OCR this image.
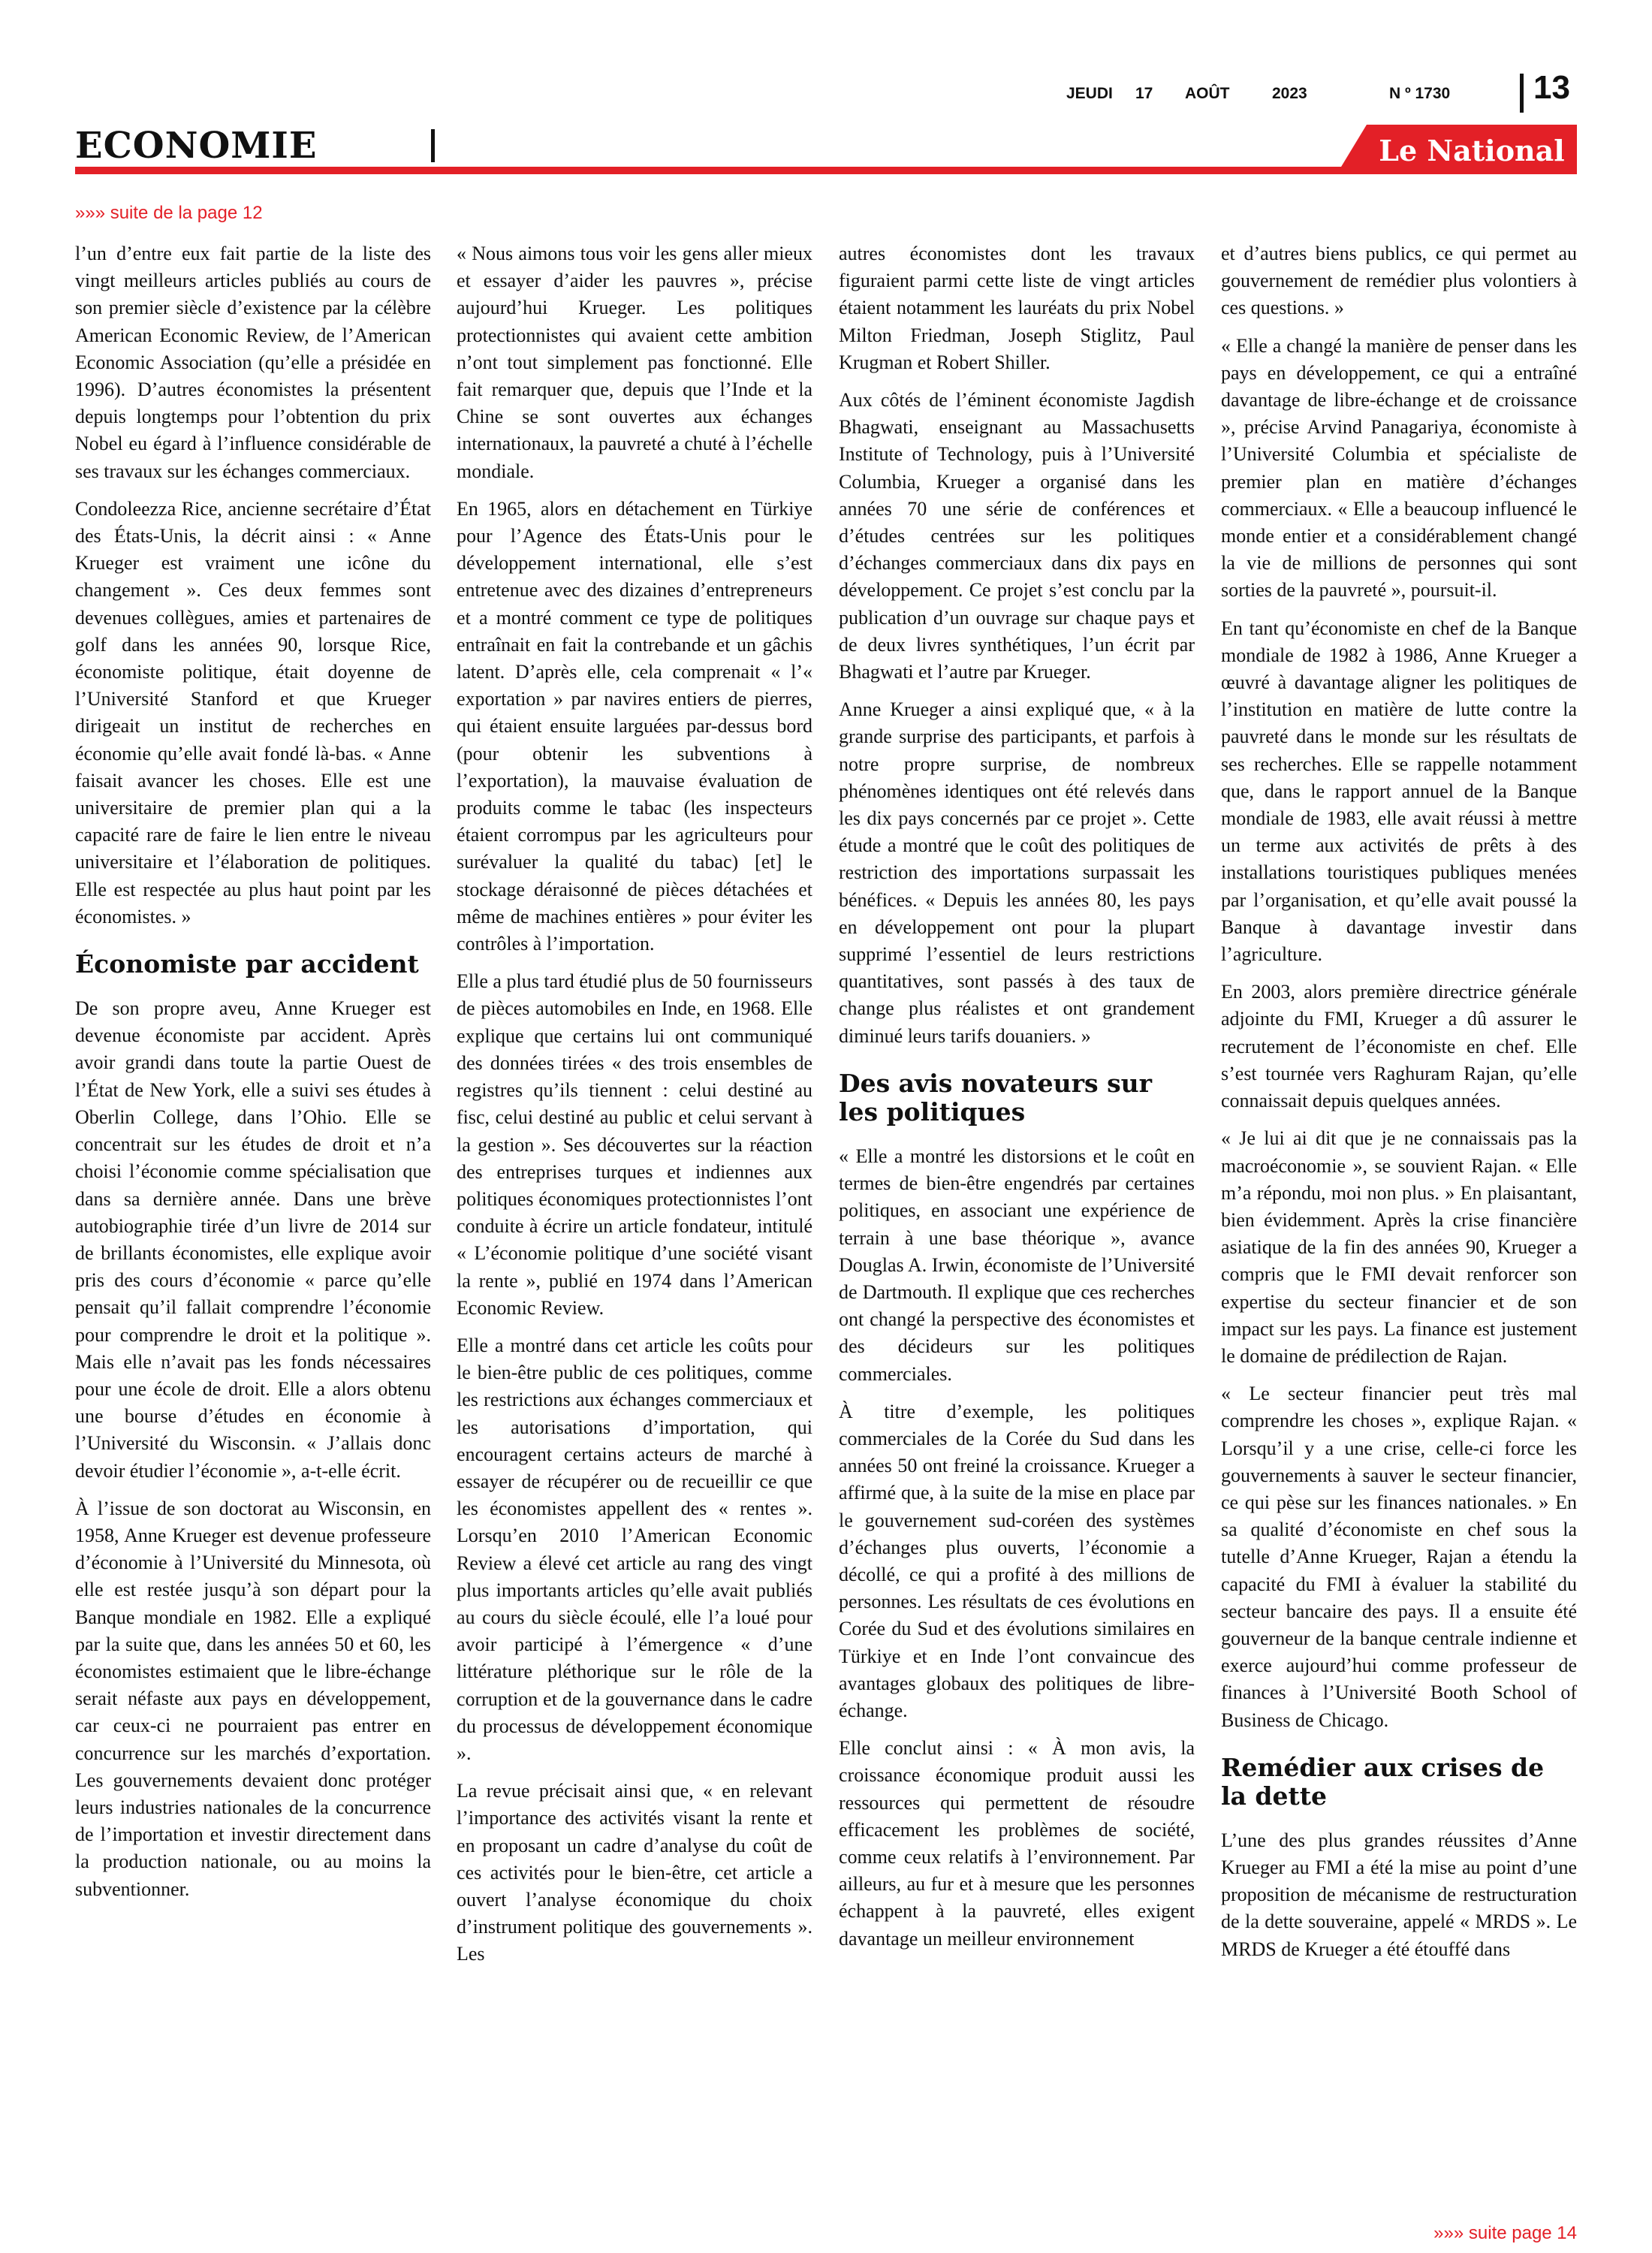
JEUDI 17 AOÛT	2023	N º 1730	13
ECONOMIE	Le National
»»» suite de la page 12

l’un d’entre eux fait partie de la liste des vingt meilleurs articles publiés au cours de son premier siècle d’existence par la célèbre American Economic Review, de l’American Economic Association (qu’elle a présidée en 1996). D’autres économistes la présentent depuis longtemps pour l’obtention du prix Nobel eu égard à l’influence considérable de ses travaux sur les échanges commerciaux.

Condoleezza Rice, ancienne secrétaire d’État des États-Unis, la décrit ainsi : « Anne Krueger est vraiment une icône du changement ». Ces deux femmes sont devenues collègues, amies et partenaires de golf dans les années 90, lorsque Rice, économiste politique, était doyenne de l’Université Stanford et que Krueger dirigeait un institut de recherches en économie qu’elle avait fondé là-bas. « Anne faisait avancer les choses. Elle est une universitaire de premier plan qui a la capacité rare de faire le lien entre le niveau universitaire et l’élaboration de politiques. Elle est respectée au plus haut point par les économistes. »

Économiste par accident

De son propre aveu, Anne Krueger est devenue économiste par accident. Après avoir grandi dans toute la partie Ouest de l’État de New York, elle a suivi ses études à Oberlin College, dans l’Ohio. Elle se concentrait sur les études de droit et n’a choisi l’économie comme spécialisation que dans sa dernière année. Dans une brève autobiographie tirée d’un livre de 2014 sur de brillants économistes, elle explique avoir pris des cours d’économie « parce qu’elle pensait qu’il fallait comprendre l’économie pour comprendre le droit et la politique ». Mais elle n’avait pas les fonds nécessaires pour une école de droit. Elle a alors obtenu une bourse d’études en économie à l’Université du Wisconsin. « J’allais donc devoir étudier l’économie », a-t-elle écrit.

À l’issue de son doctorat au Wisconsin, en 1958, Anne Krueger est devenue professeure d’économie à l’Université du Minnesota, où elle est restée jusqu’à son départ pour la Banque mondiale en 1982. Elle a expliqué par la suite que, dans les années 50 et 60, les économistes estimaient que le libre-échange serait néfaste aux pays en développement, car ceux-ci ne pourraient pas entrer en concurrence sur les marchés d’exportation. Les gouvernements devaient donc protéger leurs industries nationales de la concurrence de l’importation et investir directement dans la production nationale, ou au moins la subventionner.

« Nous aimons tous voir les gens aller mieux et essayer d’aider les pauvres », précise aujourd’hui Krueger. Les politiques protectionnistes qui avaient cette ambition n’ont tout simplement pas fonctionné. Elle fait remarquer que, depuis que l’Inde et la Chine se sont ouvertes aux échanges internationaux, la pauvreté a chuté à l’échelle mondiale.

En 1965, alors en détachement en Türkiye pour l’Agence des États-Unis pour le développement international, elle s’est entretenue avec des dizaines d’entrepreneurs et a montré comment ce type de politiques entraînait en fait la contrebande et un gâchis latent. D’après elle, cela comprenait « l’« exportation » par navires entiers de pierres, qui étaient ensuite larguées par-dessus bord (pour obtenir les subventions à l’exportation), la mauvaise évaluation de produits comme le tabac (les inspecteurs étaient corrompus par les agriculteurs pour surévaluer la qualité du tabac) [et] le stockage déraisonné de pièces détachées et même de machines entières » pour éviter les contrôles à l’importation.

Elle a plus tard étudié plus de 50 fournisseurs de pièces automobiles en Inde, en 1968. Elle explique que certains lui ont communiqué des données tirées « des trois ensembles de registres qu’ils tiennent : celui destiné au fisc, celui destiné au public et celui servant à la gestion ». Ses découvertes sur la réaction des entreprises turques et indiennes aux politiques économiques protectionnistes l’ont conduite à écrire un article fondateur, intitulé « L’économie politique d’une société visant la rente », publié en 1974 dans l’American Economic Review.

Elle a montré dans cet article les coûts pour le bien-être public de ces politiques, comme les restrictions aux échanges commerciaux et les autorisations d’importation, qui encouragent certains acteurs de marché à essayer de récupérer ou de recueillir ce que les économistes appellent des « rentes ». Lorsqu’en 2010 l’American Economic Review a élevé cet article au rang des vingt plus importants articles qu’elle avait publiés au cours du siècle écoulé, elle l’a loué pour avoir participé à l’émergence « d’une littérature pléthorique sur le rôle de la corruption et de la gouvernance dans le cadre du processus de développement économique ».

La revue précisait ainsi que, « en relevant l’importance des activités visant la rente et en proposant un cadre d’analyse du coût de ces activités pour le bien-être, cet article a ouvert l’analyse économique du choix d’instrument politique des gouvernements ». Les

autres économistes dont les travaux figuraient parmi cette liste de vingt articles étaient notamment les lauréats du prix Nobel Milton Friedman, Joseph Stiglitz, Paul Krugman et Robert Shiller.

Aux côtés de l’éminent économiste Jagdish Bhagwati, enseignant au Massachusetts Institute of Technology, puis à l’Université Columbia, Krueger a organisé dans les années 70 une série de conférences et d’études centrées sur les politiques d’échanges commerciaux dans dix pays en développement. Ce projet s’est conclu par la publication d’un ouvrage sur chaque pays et de deux livres synthétiques, l’un écrit par Bhagwati et l’autre par Krueger.

Anne Krueger a ainsi expliqué que, « à la grande surprise des participants, et parfois à notre propre surprise, de nombreux phénomènes identiques ont été relevés dans les dix pays concernés par ce projet ». Cette étude a montré que le coût des politiques de restriction des importations surpassait les bénéfices. « Depuis les années 80, les pays en développement ont pour la plupart supprimé l’essentiel de leurs restrictions quantitatives, sont passés à des taux de change plus réalistes et ont grandement diminué leurs tarifs douaniers. »

Des avis novateurs sur les politiques

« Elle a montré les distorsions et le coût en termes de bien-être engendrés par certaines politiques, en associant une expérience de terrain à une base théorique », avance Douglas A. Irwin, économiste de l’Université de Dartmouth. Il explique que ces recherches ont changé la perspective des économistes et des décideurs sur les politiques commerciales.

À titre d’exemple, les politiques commerciales de la Corée du Sud dans les années 50 ont freiné la croissance. Krueger a affirmé que, à la suite de la mise en place par le gouvernement sud-coréen des systèmes d’échanges plus ouverts, l’économie a décollé, ce qui a profité à des millions de personnes. Les résultats de ces évolutions en Corée du Sud et des évolutions similaires en Türkiye et en Inde l’ont convaincue des avantages globaux des politiques de libre-échange.

Elle conclut ainsi : « À mon avis, la croissance économique produit aussi les ressources qui permettent de résoudre efficacement les problèmes de société, comme ceux relatifs à l’environnement. Par ailleurs, au fur et à mesure que les personnes échappent à la pauvreté, elles exigent davantage un meilleur environnement

et d’autres biens publics, ce qui permet au gouvernement de remédier plus volontiers à ces questions. »

« Elle a changé la manière de penser dans les pays en développement, ce qui a entraîné davantage de libre-échange et de croissance », précise Arvind Panagariya, économiste à l’Université Columbia et spécialiste de premier plan en matière d’échanges commerciaux. « Elle a beaucoup influencé le monde entier et a considérablement changé la vie de millions de personnes qui sont sorties de la pauvreté », poursuit-il.

En tant qu’économiste en chef de la Banque mondiale de 1982 à 1986, Anne Krueger a œuvré à davantage aligner les politiques de l’institution en matière de lutte contre la pauvreté dans le monde sur les résultats de ses recherches. Elle se rappelle notamment que, dans le rapport annuel de la Banque mondiale de 1983, elle avait réussi à mettre un terme aux activités de prêts à des installations touristiques publiques menées par l’organisation, et qu’elle avait poussé la Banque à davantage investir dans l’agriculture.

En 2003, alors première directrice générale adjointe du FMI, Krueger a dû assurer le recrutement de l’économiste en chef. Elle s’est tournée vers Raghuram Rajan, qu’elle connaissait depuis quelques années.

« Je lui ai dit que je ne connaissais pas la macroéconomie », se souvient Rajan. « Elle m’a répondu, moi non plus. » En plaisantant, bien évidemment. Après la crise financière asiatique de la fin des années 90, Krueger a compris que le FMI devait renforcer son expertise du secteur financier et de son impact sur les pays. La finance est justement le domaine de prédilection de Rajan.

« Le secteur financier peut très mal comprendre les choses », explique Rajan. « Lorsqu’il y a une crise, celle-ci force les gouvernements à sauver le secteur financier, ce qui pèse sur les finances nationales. » En sa qualité d’économiste en chef sous la tutelle d’Anne Krueger, Rajan a étendu la capacité du FMI à évaluer la stabilité du secteur bancaire des pays. Il a ensuite été gouverneur de la banque centrale indienne et exerce aujourd’hui comme professeur de finances à l’Université Booth School of Business de Chicago.

Remédier aux crises de la dette

L’une des plus grandes réussites d’Anne Krueger au FMI a été la mise au point d’une proposition de mécanisme de restructuration de la dette souveraine, appelé « MRDS ». Le MRDS de Krueger a été étouffé dans

»»» suite page 14
